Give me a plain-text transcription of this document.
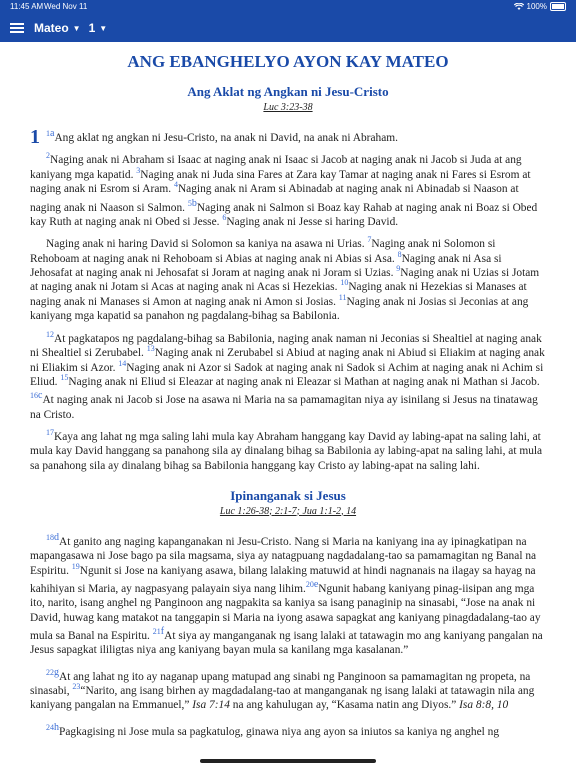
11:45 AM Wed Nov 11	100%
Mateo ▼ 1 ▼
ANG EBANGHELYO AYON KAY MATEO
Ang Aklat ng Angkan ni Jesu-Cristo
Luc 3:23-38

1 $^{1a}$Ang aklat ng angkan ni Jesu-Cristo, na anak ni David, na anak ni Abraham.

$^2$Naging anak ni Abraham si Isaac at naging anak ni Isaac si Jacob at naging anak ni Jacob si Juda at ang kaniyang mga kapatid. $^3$Naging anak ni Juda sina Fares at Zara kay Tamar at naging anak ni Fares si Esrom at naging anak ni Esrom si Aram. $^4$Naging anak ni Aram si Abinadab at naging anak ni Abinadab si Naason at naging anak ni Naason si Salmon. $^{5b}$Naging anak ni Salmon si Boaz kay Rahab at naging anak ni Boaz si Obed kay Ruth at naging anak ni Obed si Jesse. $^6$Naging anak ni Jesse si haring David.

Naging anak ni haring David si Solomon sa kaniya na asawa ni Urias. $^7$Naging anak ni Solomon si Rehoboam at naging anak ni Rehoboam si Abias at naging anak ni Abias si Asa. $^8$Naging anak ni Asa si Jehosafat at naging anak ni Jehosafat si Joram at naging anak ni Joram si Uzias. $^9$Naging anak ni Uzias si Jotam at naging anak ni Jotam si Acas at naging anak ni Acas si Hezekias. $^{10}$Naging anak ni Hezekias si Manases at naging anak ni Manases si Amon at naging anak ni Amon si Josias. $^{11}$Naging anak ni Josias si Jeconias at ang kaniyang mga kapatid sa panahon ng pagdalang-bihag sa Babilonia.

$^{12}$At pagkatapos ng pagdalang-bihag sa Babilonia, naging anak naman ni Jeconias si Shealtiel at naging anak ni Shealtiel si Zerubabel. $^{13}$Naging anak ni Zerubabel si Abiud at naging anak ni Abiud si Eliakim at naging anak ni Eliakim si Azor. $^{14}$Naging anak ni Azor si Sadok at naging anak ni Sadok si Achim at naging anak ni Achim si Eliud. $^{15}$Naging anak ni Eliud si Eleazar at naging anak ni Eleazar si Mathan at naging anak ni Mathan si Jacob. $^{16c}$At naging anak ni Jacob si Jose na asawa ni Maria na sa pamamagitan niya ay isinilang si Jesus na tinatawag na Cristo.

$^{17}$Kaya ang lahat ng mga saling lahi mula kay Abraham hanggang kay David ay labing-apat na saling lahi, at mula kay David hanggang sa panahong sila ay dinalang bihag sa Babilonia ay labing-apat na saling lahi, at mula sa panahong sila ay dinalang bihag sa Babilonia hanggang kay Cristo ay labing-apat na saling lahi.

Ipinanganak si Jesus
Luc 1:26-38; 2:1-7; Jua 1:1-2, 14

$^{18d}$At ganito ang naging kapanganakan ni Jesu-Cristo. Nang si Maria na kaniyang ina ay ipinagkatipan na mapangasawa ni Jose bago pa sila magsama, siya ay natagpuang nagdadalang-tao sa pamamagitan ng Banal na Espiritu. $^{19}$Ngunit si Jose na kaniyang asawa, bilang lalaking matuwid at hindi nagnanais na ilagay sa hayag na kahihiyan si Maria, ay nagpasyang palayain siya nang lihim.$^{20e}$Ngunit habang kaniyang pinag-iisipan ang mga ito, narito, isang anghel ng Panginoon ang nagpakita sa kaniya sa isang panaginip na sinasabi, “Jose na anak ni David, huwag kang matakot na tanggapin si Maria na iyong asawa sapagkat ang kaniyang pinagdadalang-tao ay mula sa Banal na Espiritu. $^{21f}$At siya ay manganganak ng isang lalaki at tatawagin mo ang kaniyang pangalan na Jesus sapagkat ililigtas niya ang kaniyang bayan mula sa kanilang mga kasalanan.”

$^{22g}$At ang lahat ng ito ay naganap upang matupad ang sinabi ng Panginoon sa pamamagitan ng propeta, na sinasabi, $^{23}$“Narito, ang isang birhen ay magdadalang-tao at manganganak ng isang lalaki at tatawagin nila ang kaniyang pangalan na Emmanuel,” Isa 7:14 na ang kahulugan ay, “Kasama natin ang Diyos.” Isa 8:8, 10

$^{24h}$Pagkagising ni Jose mula sa pagkatulog, ginawa niya ang ayon sa iniutos sa kaniya ng anghel ng
